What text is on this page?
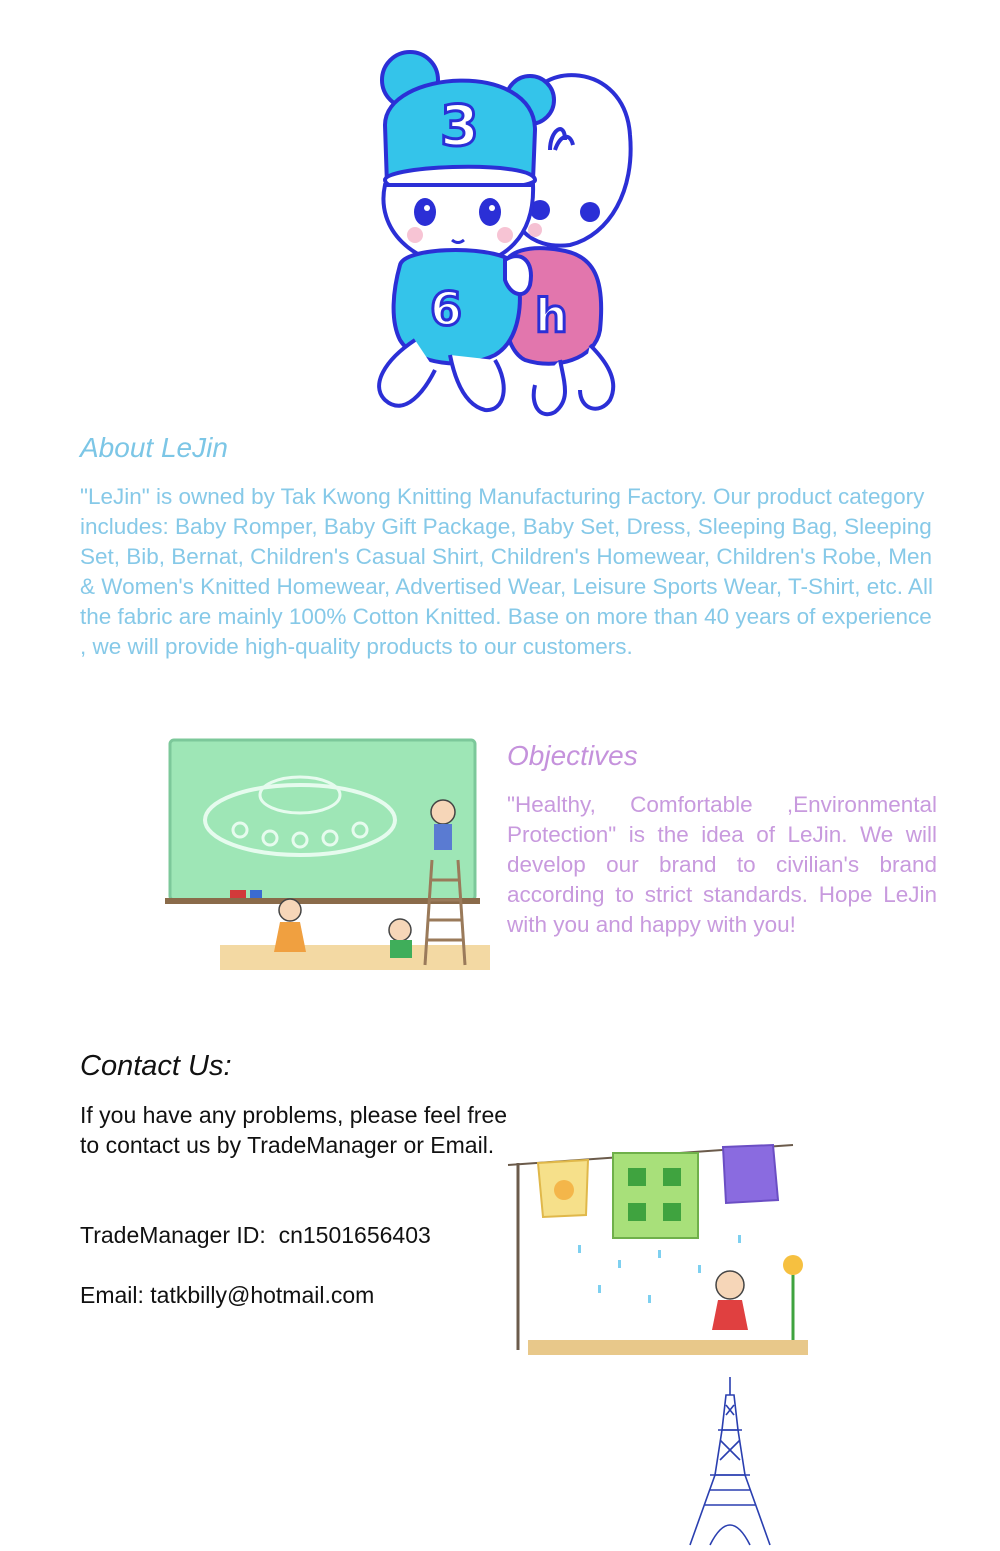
h
3
6
About LeJin

"LeJin" is owned by Tak Kwong Knitting Manufacturing Factory. Our product category includes: Baby Romper, Baby Gift Package, Baby Set, Dress, Sleeping Bag, Sleeping Set, Bib, Bernat, Children's Casual Shirt, Children's Homewear, Children's Robe, Men & Women's Knitted Homewear, Advertised Wear, Leisure Sports Wear, T-Shirt, etc. All the fabric are mainly 100% Cotton Knitted. Base on more than 40 years of experience , we will provide high-quality products to our customers.

Objectives

"Healthy, Comfortable ,Environmental Protection" is the idea of LeJin. We will develop our brand to civilian's brand according to strict standards. Hope LeJin with you and happy with you!

Contact Us:

If you have any problems, please feel free to contact us by TradeManager or Email.

TradeManager ID:  cn1501656403

Email: tatkbilly@hotmail.com
